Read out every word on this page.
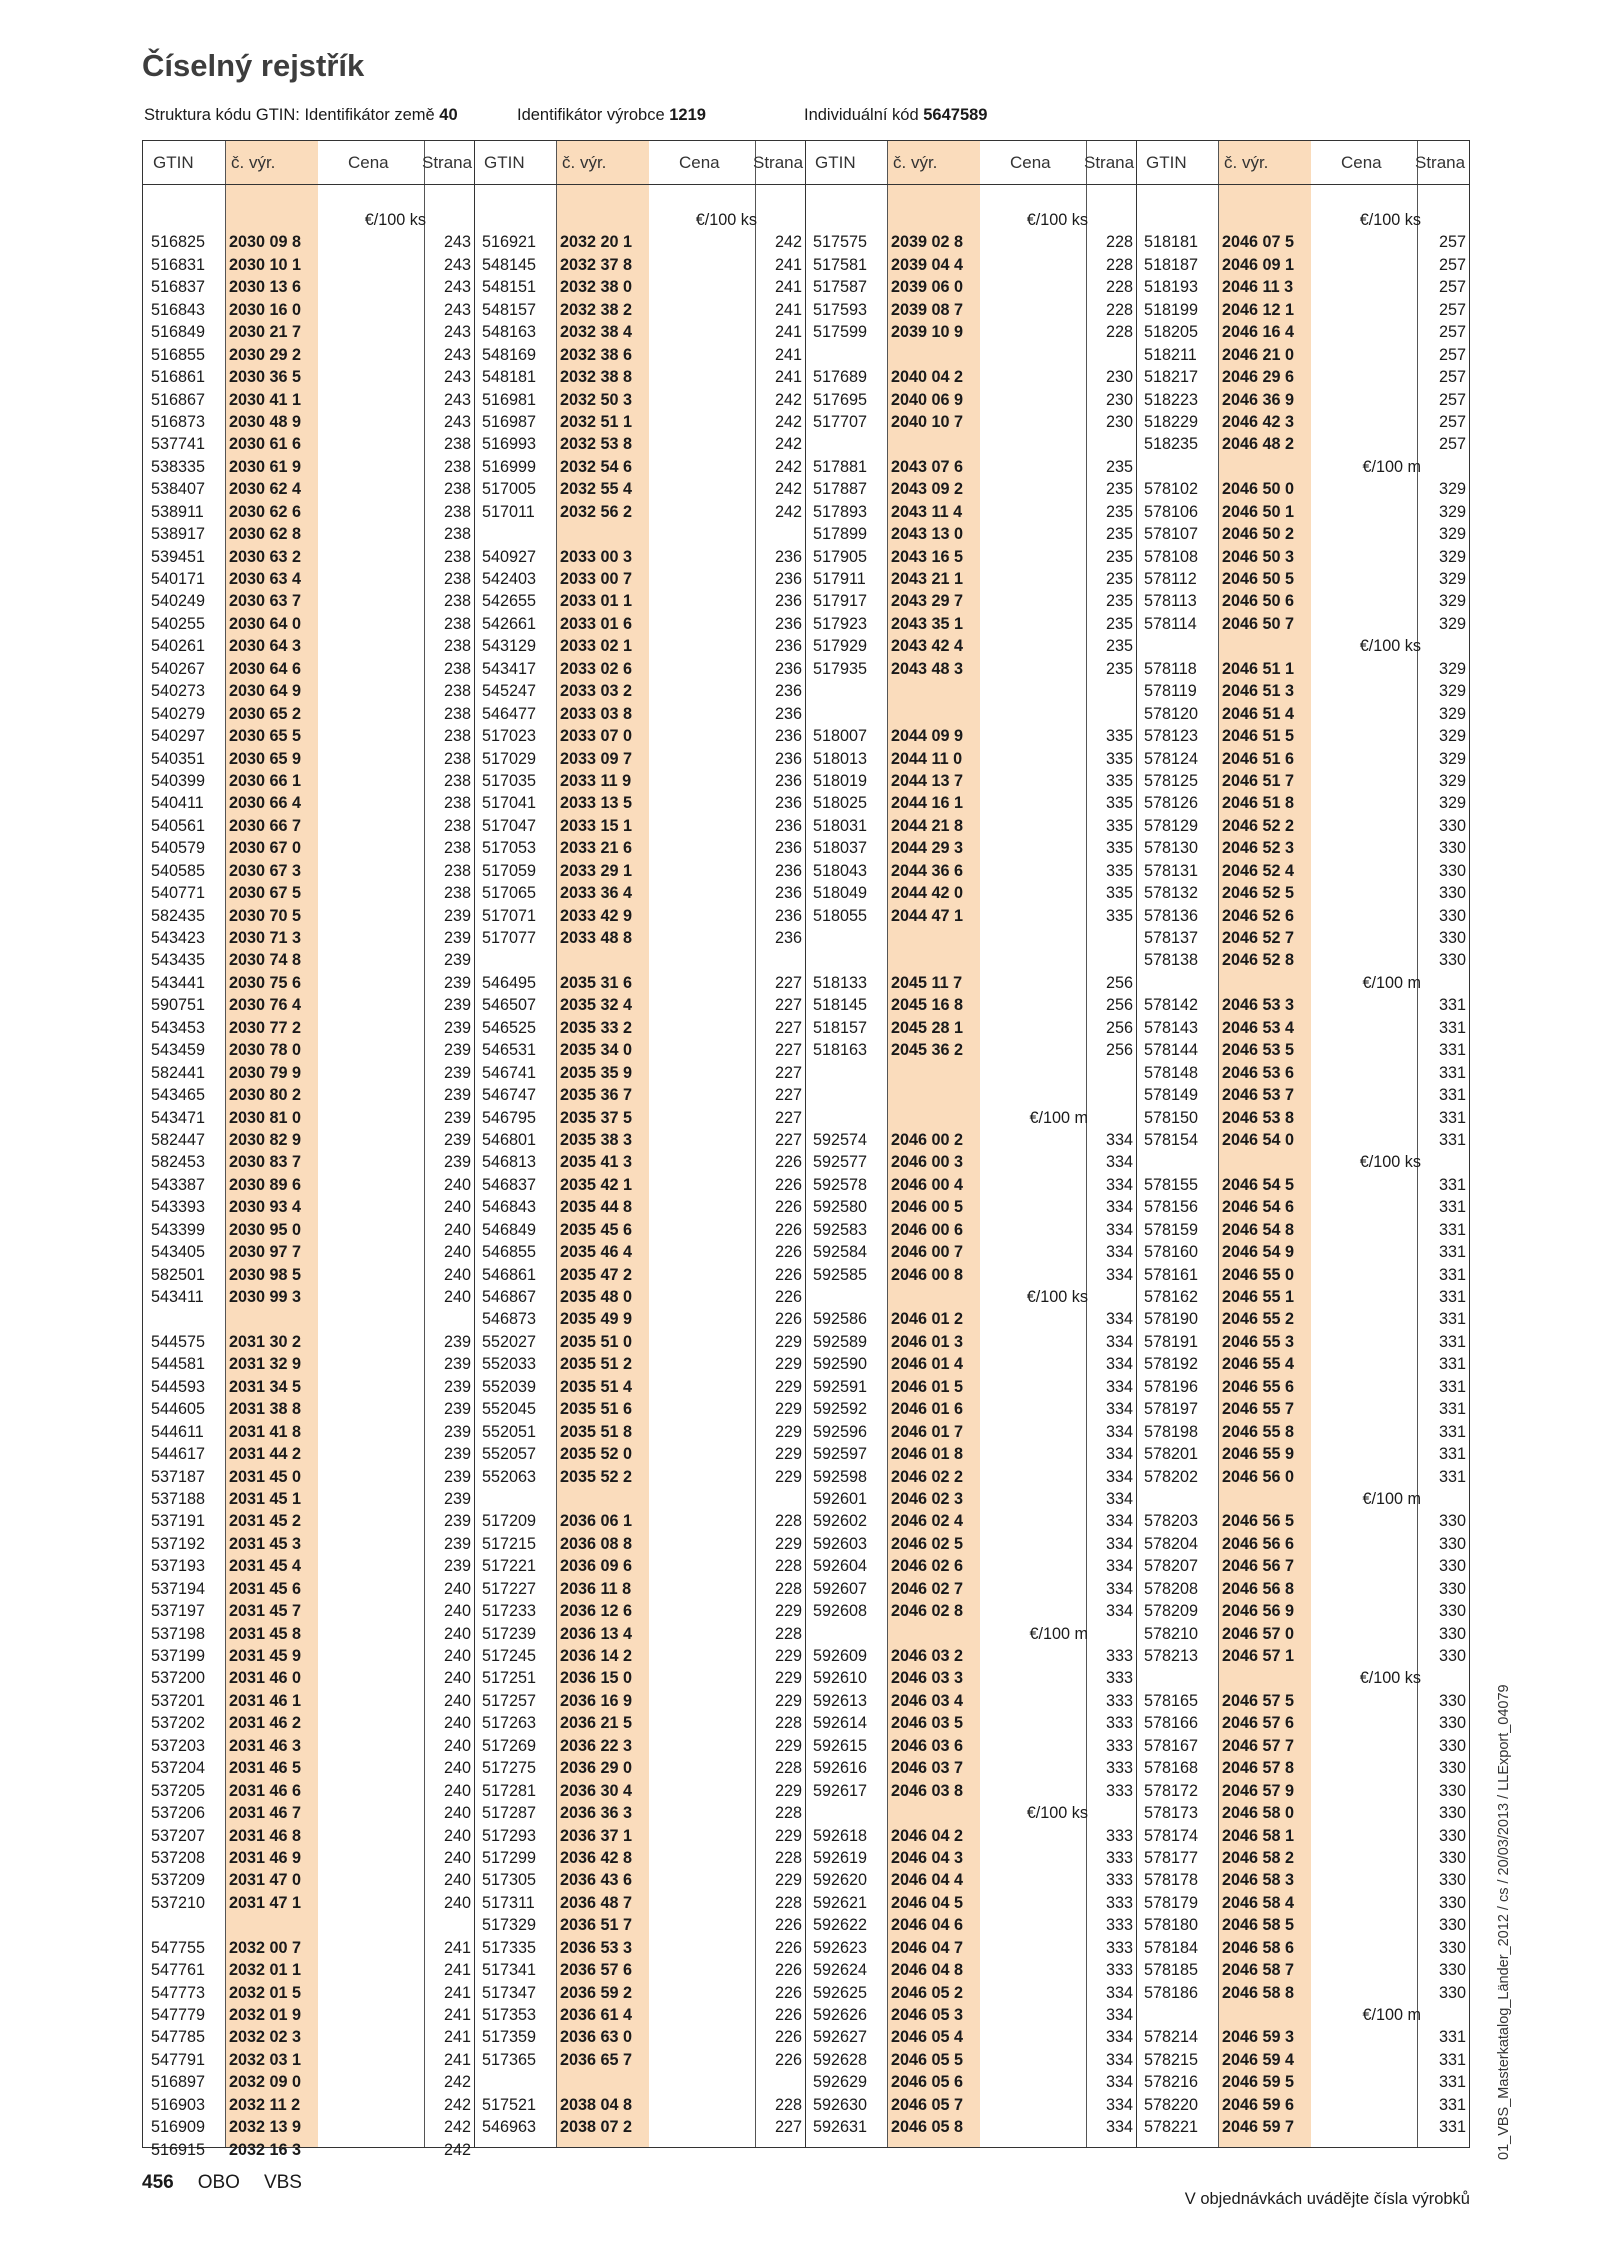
Číselný rejstřík
Struktura kódu GTIN: Identifikátor země 40	Identifikátor výrobce 1219	Individuální kód 5647589
GTIN č. výr.	Cena Strana
€/100 ks
516825 2030 09 8	243
516831 2030 10 1	243
516837 2030 13 6	243
516843 2030 16 0	243
516849 2030 21 7	243
516855 2030 29 2	243
516861 2030 36 5	243
516867 2030 41 1	243
516873 2030 48 9	243
537741 2030 61 6	238
538335 2030 61 9	238
538407 2030 62 4	238
538911 2030 62 6	238
538917 2030 62 8	238
539451 2030 63 2	238
540171 2030 63 4	238
540249 2030 63 7	238
540255 2030 64 0	238
540261 2030 64 3	238
540267 2030 64 6	238
540273 2030 64 9	238
540279 2030 65 2	238
540297 2030 65 5	238
540351 2030 65 9	238
540399 2030 66 1	238
540411 2030 66 4	238
540561 2030 66 7	238
540579 2030 67 0	238
540585 2030 67 3	238
540771 2030 67 5	238
582435 2030 70 5	239
543423 2030 71 3	239
543435 2030 74 8	239
543441 2030 75 6	239
590751 2030 76 4	239
543453 2030 77 2	239
543459 2030 78 0	239
582441 2030 79 9	239
543465 2030 80 2	239
543471 2030 81 0	239
582447 2030 82 9	239
582453 2030 83 7	239
543387 2030 89 6	240
543393 2030 93 4	240
543399 2030 95 0	240
543405 2030 97 7	240
582501 2030 98 5	240
543411 2030 99 3	240
544575 2031 30 2	239
544581 2031 32 9	239
544593 2031 34 5	239
544605 2031 38 8	239
544611 2031 41 8	239
544617 2031 44 2	239
537187 2031 45 0	239
537188 2031 45 1	239
537191 2031 45 2	239
537192 2031 45 3	239
537193 2031 45 4	239
537194 2031 45 6	240
537197 2031 45 7	240
537198 2031 45 8	240
537199 2031 45 9	240
537200 2031 46 0	240
537201 2031 46 1	240
537202 2031 46 2	240
537203 2031 46 3	240
537204 2031 46 5	240
537205 2031 46 6	240
537206 2031 46 7	240
537207 2031 46 8	240
537208 2031 46 9	240
537209 2031 47 0	240
537210 2031 47 1	240
547755 2032 00 7	241
547761 2032 01 1	241
547773 2032 01 5	241
547779 2032 01 9	241
547785 2032 02 3	241
547791 2032 03 1	241
516897 2032 09 0	242
516903 2032 11 2	242
516909 2032 13 9	242
516915 2032 16 3	242
GTIN č. výr.	Cena Strana
€/100 ks
516921 2032 20 1	242
548145 2032 37 8	241
548151 2032 38 0	241
548157 2032 38 2	241
548163 2032 38 4	241
548169 2032 38 6	241
548181 2032 38 8	241
516981 2032 50 3	242
516987 2032 51 1	242
516993 2032 53 8	242
516999 2032 54 6	242
517005 2032 55 4	242
517011 2032 56 2	242
540927 2033 00 3	236
542403 2033 00 7	236
542655 2033 01 1	236
542661 2033 01 6	236
543129 2033 02 1	236
543417 2033 02 6	236
545247 2033 03 2	236
546477 2033 03 8	236
517023 2033 07 0	236
517029 2033 09 7	236
517035 2033 11 9	236
517041 2033 13 5	236
517047 2033 15 1	236
517053 2033 21 6	236
517059 2033 29 1	236
517065 2033 36 4	236
517071 2033 42 9	236
517077 2033 48 8	236
546495 2035 31 6	227
546507 2035 32 4	227
546525 2035 33 2	227
546531 2035 34 0	227
546741 2035 35 9	227
546747 2035 36 7	227
546795 2035 37 5	227
546801 2035 38 3	227
546813 2035 41 3	226
546837 2035 42 1	226
546843 2035 44 8	226
546849 2035 45 6	226
546855 2035 46 4	226
546861 2035 47 2	226
546867 2035 48 0	226
546873 2035 49 9	226
552027 2035 51 0	229
552033 2035 51 2	229
552039 2035 51 4	229
552045 2035 51 6	229
552051 2035 51 8	229
552057 2035 52 0	229
552063 2035 52 2	229
517209 2036 06 1	228
517215 2036 08 8	229
517221 2036 09 6	228
517227 2036 11 8	228
517233 2036 12 6	229
517239 2036 13 4	228
517245 2036 14 2	229
517251 2036 15 0	229
517257 2036 16 9	229
517263 2036 21 5	228
517269 2036 22 3	229
517275 2036 29 0	228
517281 2036 30 4	229
517287 2036 36 3	228
517293 2036 37 1	229
517299 2036 42 8	228
517305 2036 43 6	229
517311 2036 48 7	228
517329 2036 51 7	226
517335 2036 53 3	226
517341 2036 57 6	226
517347 2036 59 2	226
517353 2036 61 4	226
517359 2036 63 0	226
517365 2036 65 7	226
517521 2038 04 8	228
546963 2038 07 2	227
GTIN č. výr.	Cena Strana
€/100 ks
517575 2039 02 8	228
517581 2039 04 4	228
517587 2039 06 0	228
517593 2039 08 7	228
517599 2039 10 9	228
517689 2040 04 2	230
517695 2040 06 9	230
517707 2040 10 7	230
517881 2043 07 6	235
517887 2043 09 2	235
517893 2043 11 4	235
517899 2043 13 0	235
517905 2043 16 5	235
517911 2043 21 1	235
517917 2043 29 7	235
517923 2043 35 1	235
517929 2043 42 4	235
517935 2043 48 3	235
518007 2044 09 9	335
518013 2044 11 0	335
518019 2044 13 7	335
518025 2044 16 1	335
518031 2044 21 8	335
518037 2044 29 3	335
518043 2044 36 6	335
518049 2044 42 0	335
518055 2044 47 1	335
518133 2045 11 7	256
518145 2045 16 8	256
518157 2045 28 1	256
518163 2045 36 2	256
€/100 m
592574 2046 00 2	334
592577 2046 00 3	334
592578 2046 00 4	334
592580 2046 00 5	334
592583 2046 00 6	334
592584 2046 00 7	334
592585 2046 00 8	334
€/100 ks
592586 2046 01 2	334
592589 2046 01 3	334
592590 2046 01 4	334
592591 2046 01 5	334
592592 2046 01 6	334
592596 2046 01 7	334
592597 2046 01 8	334
592598 2046 02 2	334
592601 2046 02 3	334
592602 2046 02 4	334
592603 2046 02 5	334
592604 2046 02 6	334
592607 2046 02 7	334
592608 2046 02 8	334
€/100 m
592609 2046 03 2	333
592610 2046 03 3	333
592613 2046 03 4	333
592614 2046 03 5	333
592615 2046 03 6	333
592616 2046 03 7	333
592617 2046 03 8	333
€/100 ks
592618 2046 04 2	333
592619 2046 04 3	333
592620 2046 04 4	333
592621 2046 04 5	333
592622 2046 04 6	333
592623 2046 04 7	333
592624 2046 04 8	333
592625 2046 05 2	334
592626 2046 05 3	334
592627 2046 05 4	334
592628 2046 05 5	334
592629 2046 05 6	334
592630 2046 05 7	334
592631 2046 05 8	334
GTIN č. výr.	Cena Strana
€/100 ks
518181 2046 07 5	257
518187 2046 09 1	257
518193 2046 11 3	257
518199 2046 12 1	257
518205 2046 16 4	257
518211 2046 21 0	257
518217 2046 29 6	257
518223 2046 36 9	257
518229 2046 42 3	257
518235 2046 48 2	257
€/100 m
578102 2046 50 0	329
578106 2046 50 1	329
578107 2046 50 2	329
578108 2046 50 3	329
578112 2046 50 5	329
578113 2046 50 6	329
578114 2046 50 7	329
€/100 ks
578118 2046 51 1	329
578119 2046 51 3	329
578120 2046 51 4	329
578123 2046 51 5	329
578124 2046 51 6	329
578125 2046 51 7	329
578126 2046 51 8	329
578129 2046 52 2	330
578130 2046 52 3	330
578131 2046 52 4	330
578132 2046 52 5	330
578136 2046 52 6	330
578137 2046 52 7	330
578138 2046 52 8	330
€/100 m
578142 2046 53 3	331
578143 2046 53 4	331
578144 2046 53 5	331
578148 2046 53 6	331
578149 2046 53 7	331
578150 2046 53 8	331
578154 2046 54 0	331
€/100 ks
578155 2046 54 5	331
578156 2046 54 6	331
578159 2046 54 8	331
578160 2046 54 9	331
578161 2046 55 0	331
578162 2046 55 1	331
578190 2046 55 2	331
578191 2046 55 3	331
578192 2046 55 4	331
578196 2046 55 6	331
578197 2046 55 7	331
578198 2046 55 8	331
578201 2046 55 9	331
578202 2046 56 0	331
€/100 m
578203 2046 56 5	330
578204 2046 56 6	330
578207 2046 56 7	330
578208 2046 56 8	330
578209 2046 56 9	330
578210 2046 57 0	330
578213 2046 57 1	330
€/100 ks
578165 2046 57 5	330
578166 2046 57 6	330
578167 2046 57 7	330
578168 2046 57 8	330
578172 2046 57 9	330
578173 2046 58 0	330
578174 2046 58 1	330
578177 2046 58 2	330
578178 2046 58 3	330
578179 2046 58 4	330
578180 2046 58 5	330
578184 2046 58 6	330
578185 2046 58 7	330
578186 2046 58 8	330
€/100 m
578214 2046 59 3	331
578215 2046 59 4	331
578216 2046 59 5	331
578220 2046 59 6	331
578221 2046 59 7	331
456 OBO VBS
V objednávkách uvádějte čísla výrobků
01_VBS_Masterkatalog_Länder_2012 / cs / 20/03/2013 / LLExport_04079
